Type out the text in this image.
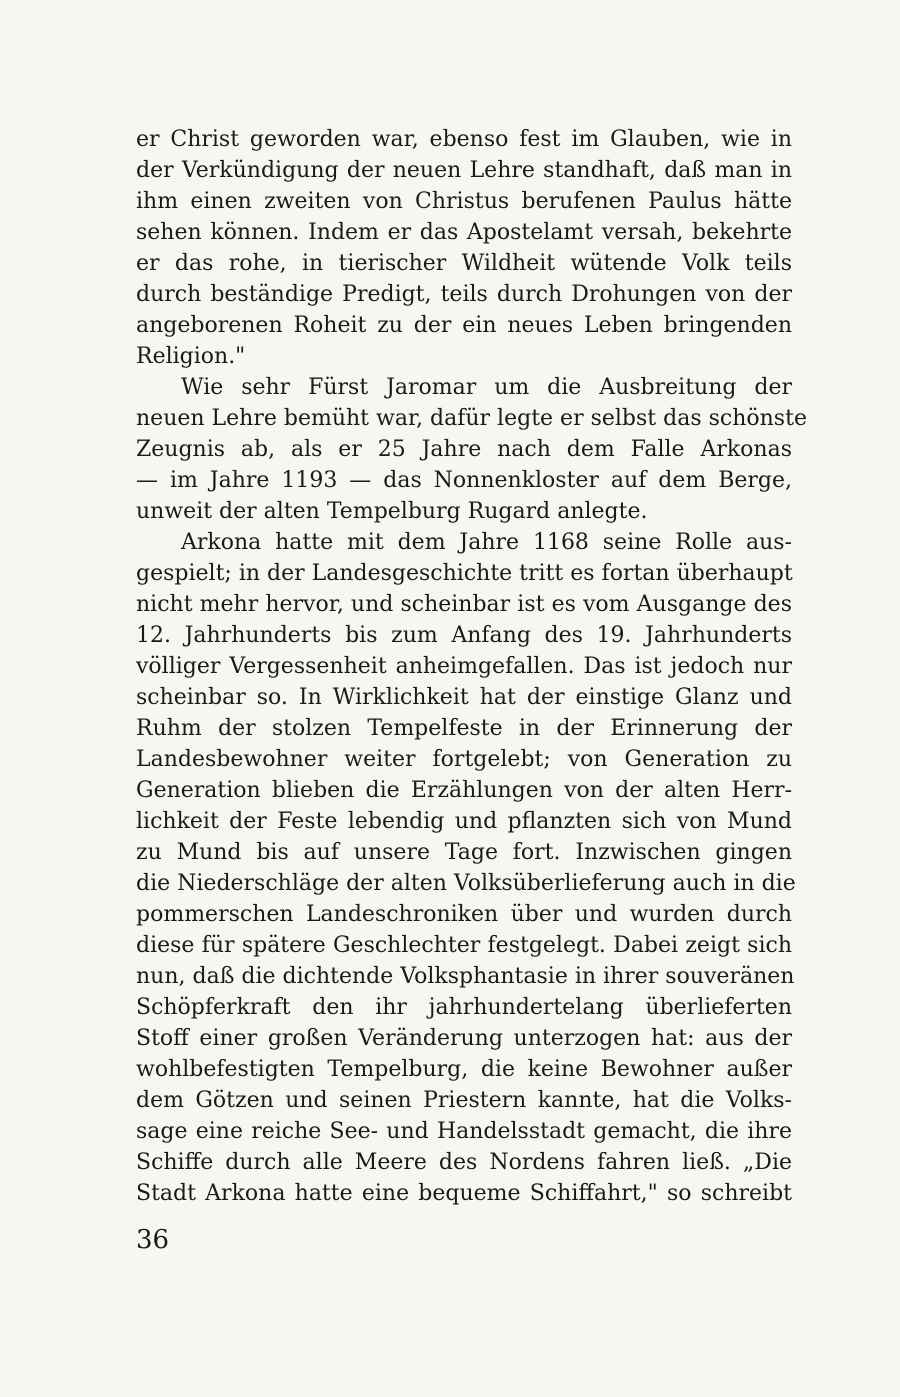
er Christ geworden war, ebenso fest im Glauben, wie in
der Verkündigung der neuen Lehre standhaft, daß man in
ihm einen zweiten von Christus berufenen Paulus hätte
sehen können. Indem er das Apostelamt versah, bekehrte
er das rohe, in tierischer Wildheit wütende Volk teils
durch beständige Predigt, teils durch Drohungen von der
angeborenen Roheit zu der ein neues Leben bringenden
Religion."
Wie sehr Fürst Jaromar um die Ausbreitung der
neuen Lehre bemüht war, dafür legte er selbst das schönste
Zeugnis ab, als er 25 Jahre nach dem Falle Arkonas
— im Jahre 1193 — das Nonnenkloster auf dem Berge,
unweit der alten Tempelburg Rugard anlegte.
Arkona hatte mit dem Jahre 1168 seine Rolle aus-
gespielt; in der Landesgeschichte tritt es fortan überhaupt
nicht mehr hervor, und scheinbar ist es vom Ausgange des
12. Jahrhunderts bis zum Anfang des 19. Jahrhunderts
völliger Vergessenheit anheimgefallen. Das ist jedoch nur
scheinbar so. In Wirklichkeit hat der einstige Glanz und
Ruhm der stolzen Tempelfeste in der Erinnerung der
Landesbewohner weiter fortgelebt; von Generation zu
Generation blieben die Erzählungen von der alten Herr-
lichkeit der Feste lebendig und pflanzten sich von Mund
zu Mund bis auf unsere Tage fort. Inzwischen gingen
die Niederschläge der alten Volksüberlieferung auch in die
pommerschen Landeschroniken über und wurden durch
diese für spätere Geschlechter festgelegt. Dabei zeigt sich
nun, daß die dichtende Volksphantasie in ihrer souveränen
Schöpferkraft den ihr jahrhundertelang überlieferten
Stoff einer großen Veränderung unterzogen hat: aus der
wohlbefestigten Tempelburg, die keine Bewohner außer
dem Götzen und seinen Priestern kannte, hat die Volks-
sage eine reiche See- und Handelsstadt gemacht, die ihre
Schiffe durch alle Meere des Nordens fahren ließ. „Die
Stadt Arkona hatte eine bequeme Schiffahrt," so schreibt
36
